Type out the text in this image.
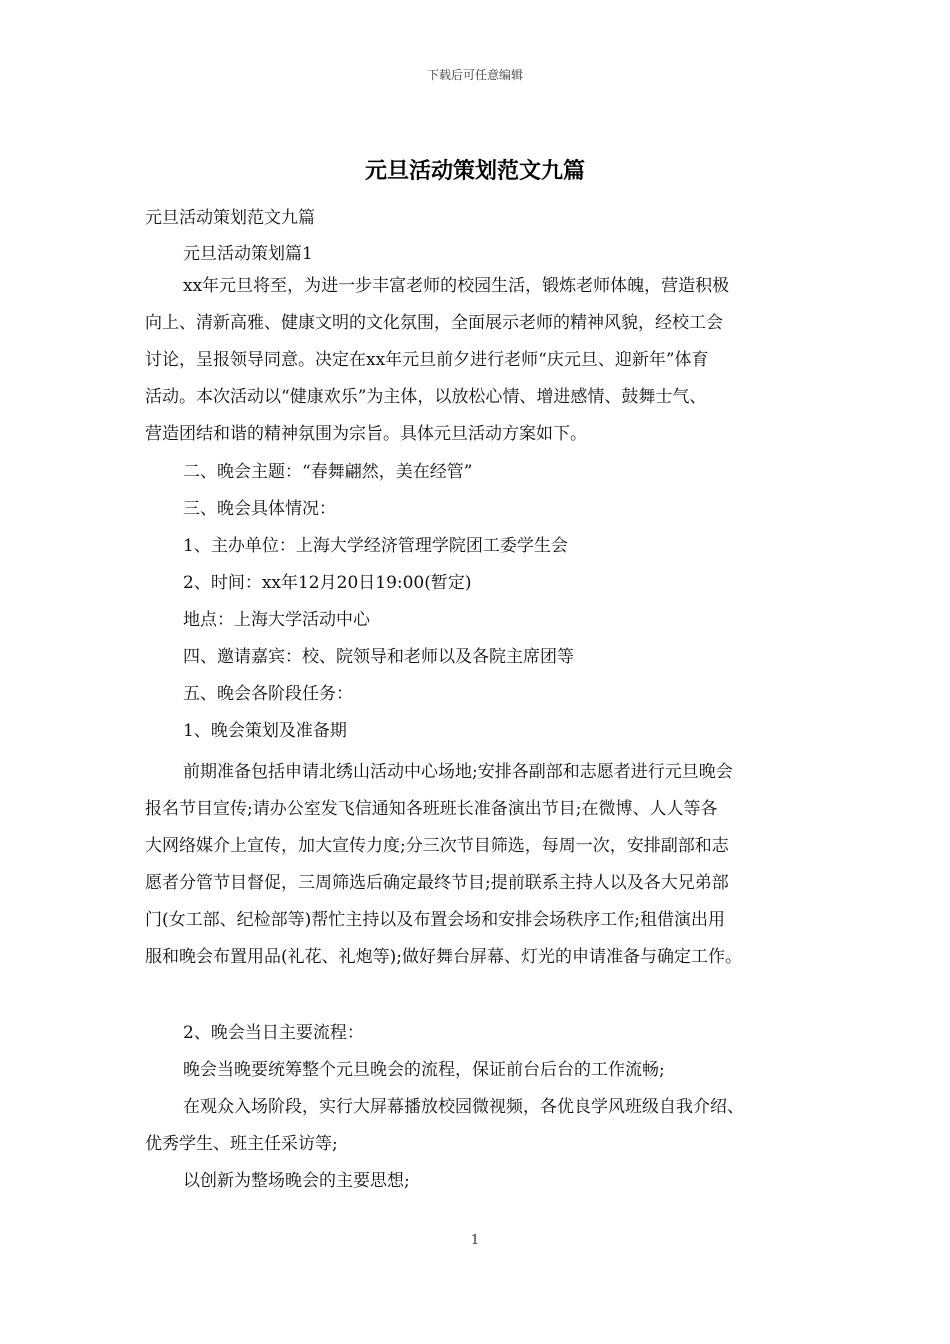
下载后可任意编辑
元旦活动策划范文九篇

元旦活动策划范文九篇

元旦活动策划篇1

xx年元旦将至，为进一步丰富老师的校园生活，锻炼老师体魄，营造积极

向上、清新高雅、健康文明的文化氛围，全面展示老师的精神风貌，经校工会

讨论，呈报领导同意。决定在xx年元旦前夕进行老师“庆元旦、迎新年”体育

活动。本次活动以“健康欢乐”为主体，以放松心情、增进感情、鼓舞士气、

营造团结和谐的精神氛围为宗旨。具体元旦活动方案如下。

二、晚会主题：“春舞翩然，美在经管”

三、晚会具体情况：

1、主办单位：上海大学经济管理学院团工委学生会

2、时间：xx年12月20日19:00(暂定)

地点：上海大学活动中心

四、邀请嘉宾：校、院领导和老师以及各院主席团等

五、晚会各阶段任务：

1、晚会策划及准备期

前期准备包括申请北绣山活动中心场地;安排各副部和志愿者进行元旦晚会

报名节目宣传;请办公室发飞信通知各班班长准备演出节目;在微博、人人等各

大网络媒介上宣传，加大宣传力度;分三次节目筛选，每周一次，安排副部和志

愿者分管节目督促，三周筛选后确定最终节目;提前联系主持人以及各大兄弟部

门(女工部、纪检部等)帮忙主持以及布置会场和安排会场秩序工作;租借演出用

服和晚会布置用品(礼花、礼炮等);做好舞台屏幕、灯光的申请准备与确定工作。

2、晚会当日主要流程：

晚会当晚要统筹整个元旦晚会的流程，保证前台后台的工作流畅;

在观众入场阶段，实行大屏幕播放校园微视频，各优良学风班级自我介绍、

优秀学生、班主任采访等;

以创新为整场晚会的主要思想;

1
